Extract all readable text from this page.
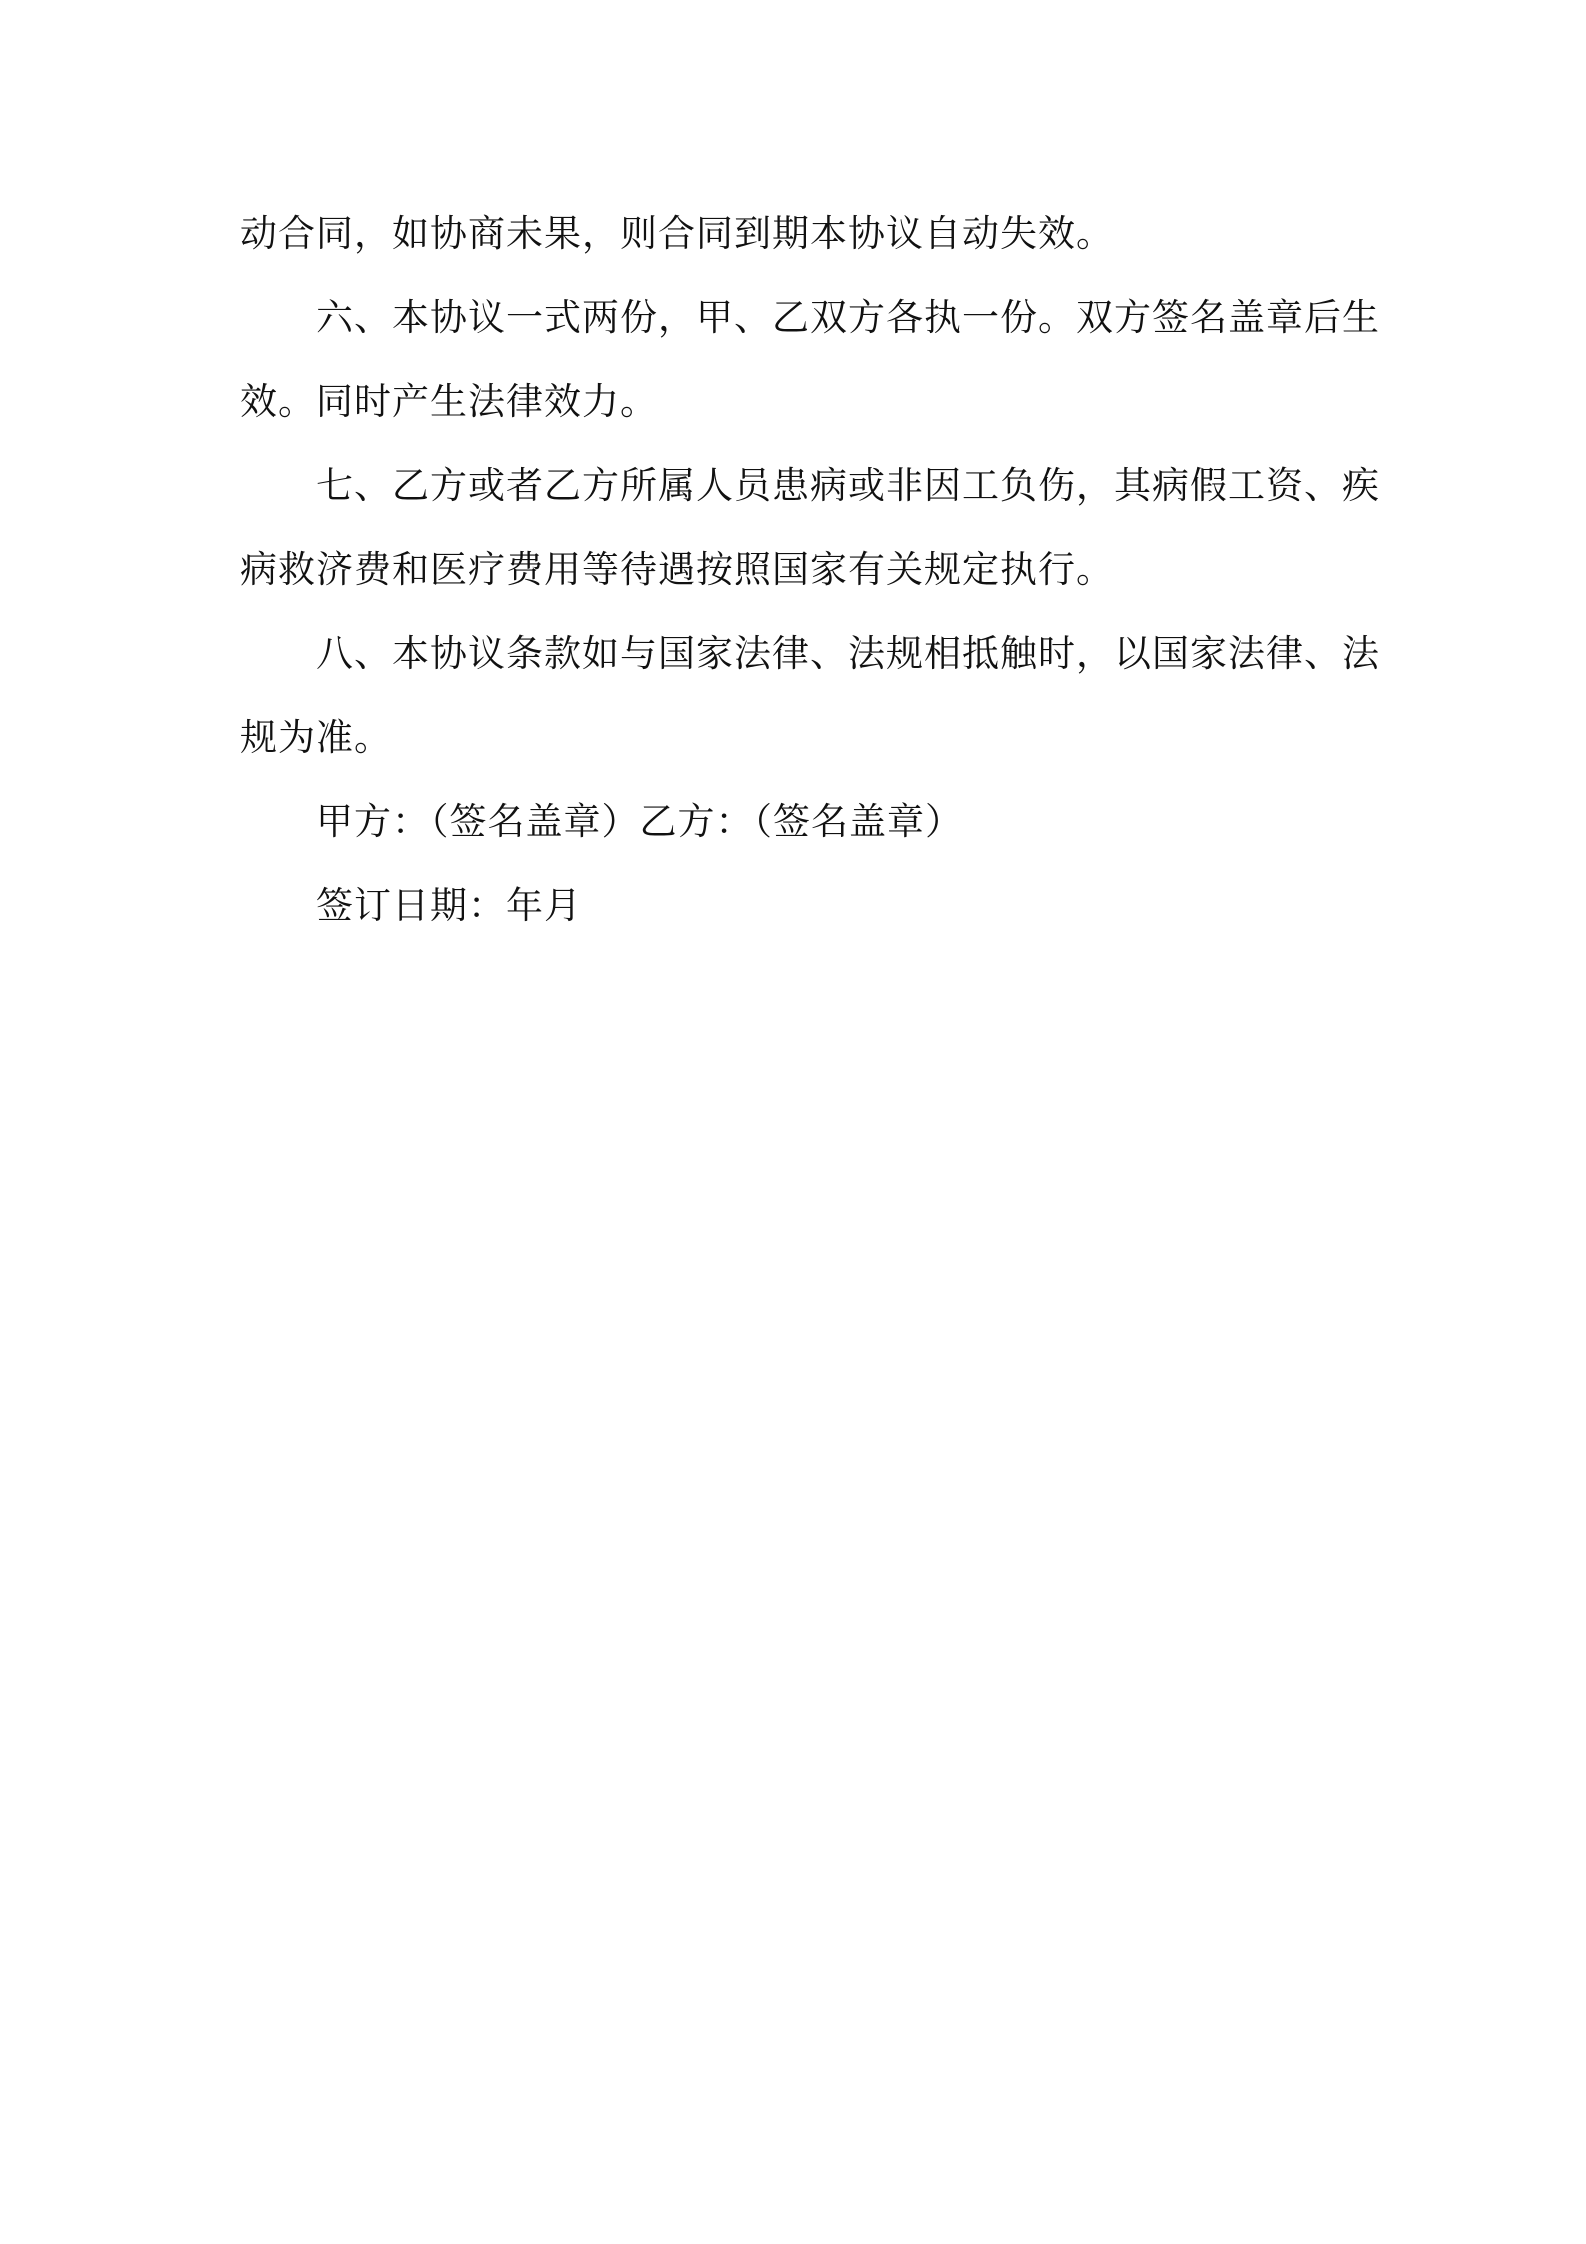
动合同，如协商未果，则合同到期本协议自动失效。
六、本协议一式两份，甲、乙双方各执一份。双方签名盖章后生
效。同时产生法律效力。
七、乙方或者乙方所属人员患病或非因工负伤，其病假工资、疾
病救济费和医疗费用等待遇按照国家有关规定执行。
八、本协议条款如与国家法律、法规相抵触时，以国家法律、法
规为准。
甲方：（签名盖章）乙方：（签名盖章）
签订日期：年月
